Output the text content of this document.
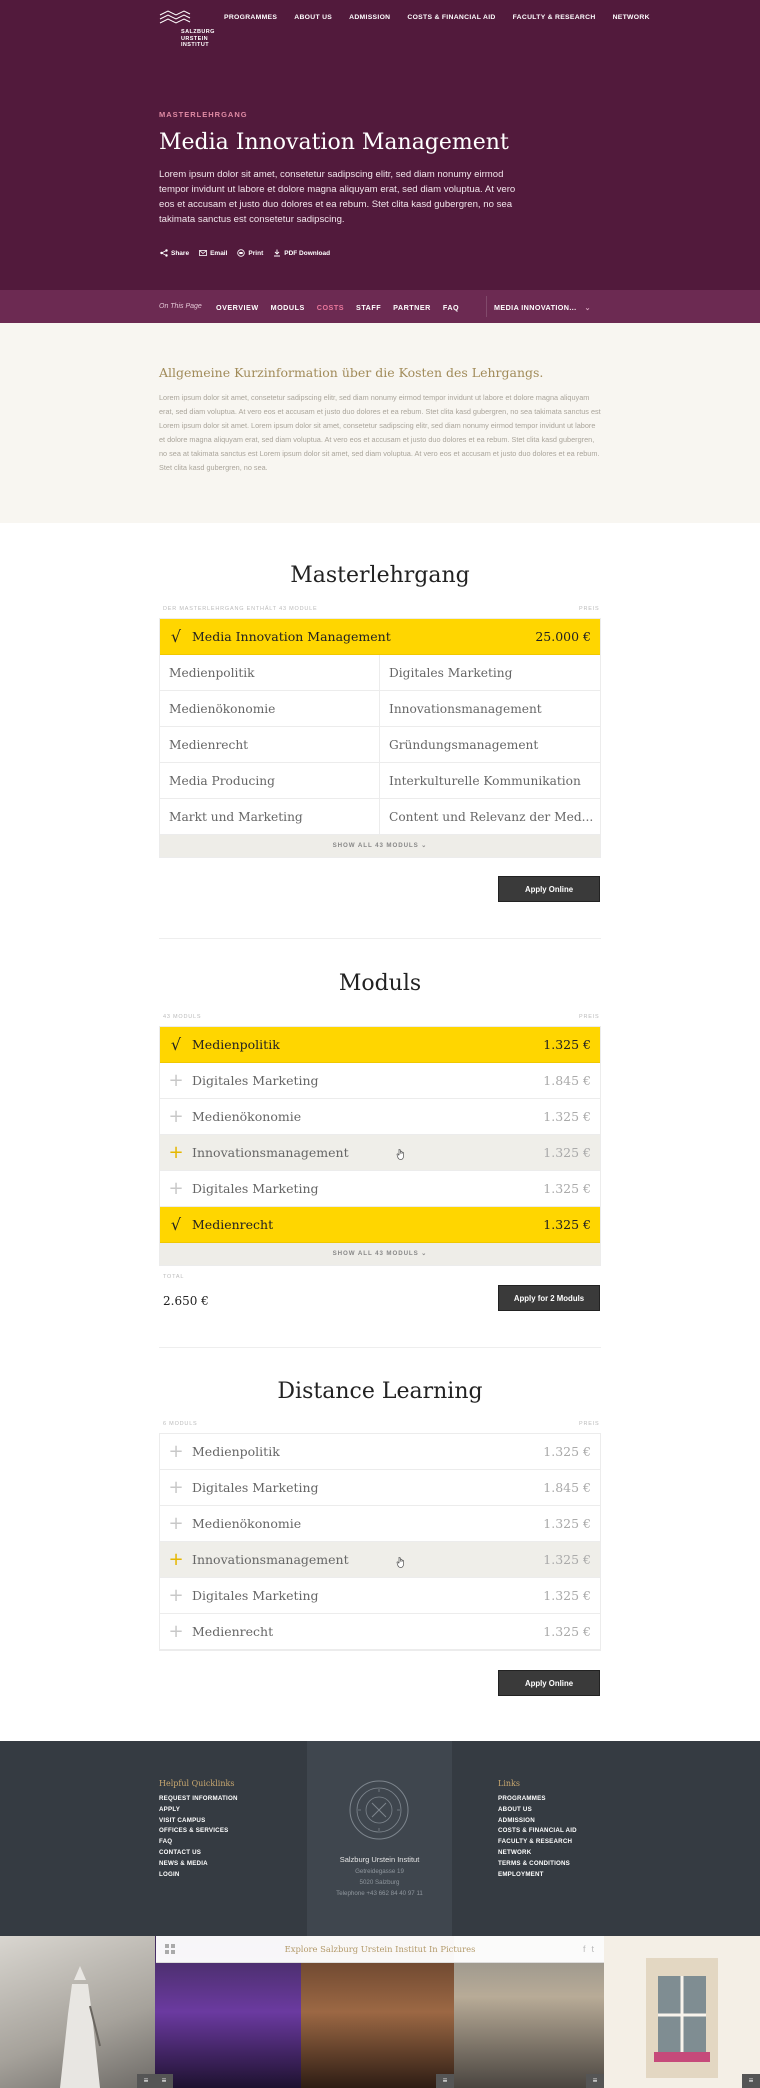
SALZBURG
URSTEIN
INSTITUT
PROGRAMMES	ABOUT US	ADMISSION	COSTS & FINANCIAL AID	FACULTY & RESEARCH	NETWORK
MASTERLEHRGANG
Media Innovation Management

Lorem ipsum dolor sit amet, consetetur sadipscing elitr, sed diam nonumy eirmod tempor invidunt ut labore et dolore magna aliquyam erat, sed diam voluptua. At vero eos et accusam et justo duo dolores et ea rebum. Stet clita kasd gubergren, no sea takimata sanctus est consetetur sadipscing.

Share	Email	Print	PDF Download
On This Page OVERVIEW MODULS COSTS STAFF PARTNER FAQ	MEDIA INNOVATION... ⌄
Allgemeine Kurzinformation über die Kosten des Lehrgangs.

Lorem ipsum dolor sit amet, consetetur sadipscing elitr, sed diam nonumy eirmod tempor invidunt ut labore et dolore magna aliquyam erat, sed diam voluptua. At vero eos et accusam et justo duo dolores et ea rebum. Stet clita kasd gubergren, no sea takimata sanctus est Lorem ipsum dolor sit amet. Lorem ipsum dolor sit amet, consetetur sadipscing elitr, sed diam nonumy eirmod tempor invidunt ut labore et dolore magna aliquyam erat, sed diam voluptua. At vero eos et accusam et justo duo dolores et ea rebum. Stet clita kasd gubergren, no sea at takimata sanctus est Lorem ipsum dolor sit amet, sed diam voluptua. At vero eos et accusam et justo duo dolores et ea rebum. Stet clita kasd gubergren, no sea.

Masterlehrgang
DER MASTERLEHRGANG ENTHÄLT 43 MODULE	PREIS
√ Media Innovation Management	25.000 €
Medienpolitik	Digitales Marketing
Medienökonomie	Innovationsmanagement
Medienrecht	Gründungsmanagement
Media Producing	Interkulturelle Kommunikation
Markt und Marketing	Content und Relevanz der Med...
SHOW ALL 43 MODULS ⌄
Apply Online
Moduls
43 MODULS	PREIS
√ Medienpolitik	1.325 €
+ Digitales Marketing	1.845 €
+ Medienökonomie	1.325 €
+ Innovationsmanagement	1.325 €
+ Digitales Marketing	1.325 €
√ Medienrecht	1.325 €
SHOW ALL 43 MODULS ⌄
TOTAL
2.650 €	Apply for 2 Moduls
Distance Learning
6 MODULS	PREIS
+ Medienpolitik	1.325 €
+ Digitales Marketing	1.845 €
+ Medienökonomie	1.325 €
+ Innovationsmanagement	1.325 €
+ Digitales Marketing	1.325 €
+ Medienrecht	1.325 €
Apply Online
Helpful Quicklinks
REQUEST INFORMATION
APPLY
VISIT CAMPUS
OFFICES & SERVICES
FAQ
CONTACT US
NEWS & MEDIA
LOGIN
Salzburg Urstein Institut
Getreidegasse 19
5020 Salzburg
Telephone +43 662 84 40 97 11
Links
PROGRAMMES
ABOUT US
ADMISSION
COSTS & FINANCIAL AID
FACULTY & RESEARCH
NETWORK
TERMS & CONDITIONS
EMPLOYMENT
≡	≡	≡	≡	≡
Explore Salzburg Urstein Institut In Pictures	f t
